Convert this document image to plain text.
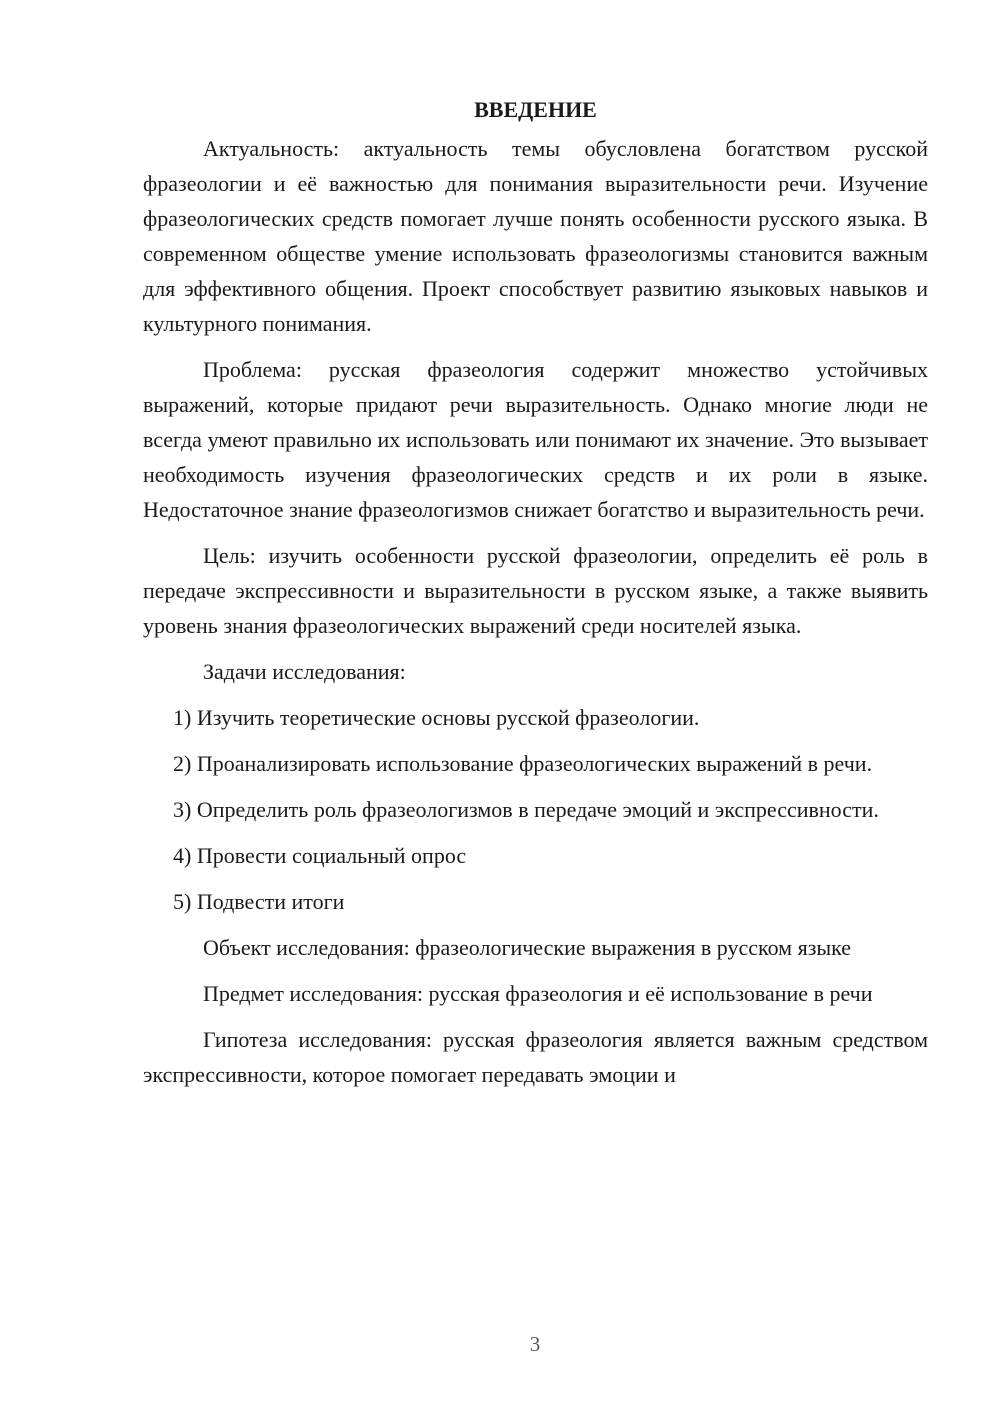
ВВЕДЕНИЕ

Актуальность: актуальность темы обусловлена богатством русской фразеологии и её важностью для понимания выразительности речи. Изучение фразеологических средств помогает лучше понять особенности русского языка. В современном обществе умение использовать фразеологизмы становится важным для эффективного общения. Проект способствует развитию языковых навыков и культурного понимания.

Проблема: русская фразеология содержит множество устойчивых выражений, которые придают речи выразительность. Однако многие люди не всегда умеют правильно их использовать или понимают их значение. Это вызывает необходимость изучения фразеологических средств и их роли в языке. Недостаточное знание фразеологизмов снижает богатство и выразительность речи.

Цель: изучить особенности русской фразеологии, определить её роль в передаче экспрессивности и выразительности в русском языке, а также выявить уровень знания фразеологических выражений среди носителей языка.

Задачи исследования:

1) Изучить теоретические основы русской фразеологии.

2) Проанализировать использование фразеологических выражений в речи.

3) Определить роль фразеологизмов в передаче эмоций и экспрессивности.

4) Провести социальный опрос

5) Подвести итоги

Объект исследования: фразеологические выражения в русском языке

Предмет исследования: русская фразеология и её использование в речи

Гипотеза исследования: русская фразеология является важным средством экспрессивности, которое помогает передавать эмоции и

3
